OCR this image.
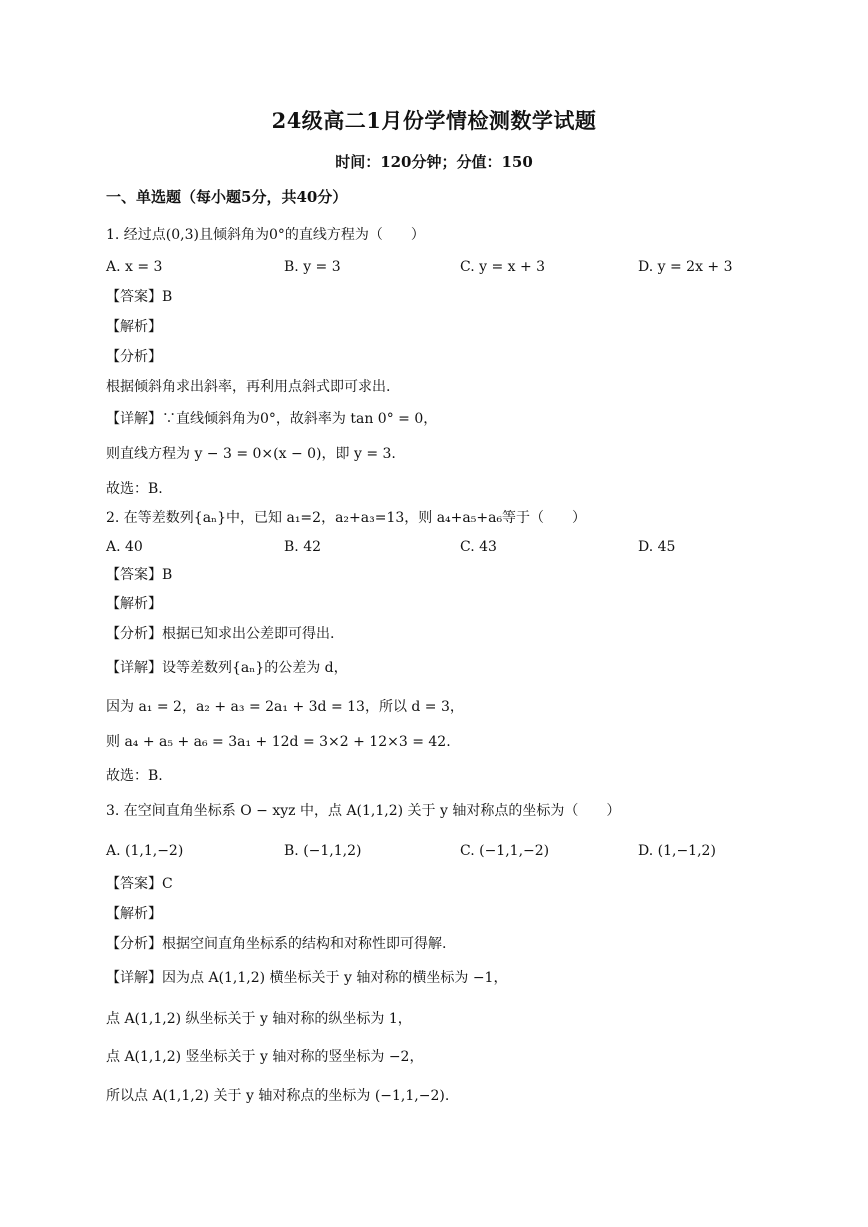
24级高二1月份学情检测数学试题
时间：120分钟；分值：150
一、单选题（每小题5分，共40分）
1. 经过点(0,3)且倾斜角为0°的直线方程为（　　）
A. x = 3	B. y = 3	C. y = x + 3	D. y = 2x + 3
【答案】B
【解析】
【分析】
根据倾斜角求出斜率，再利用点斜式即可求出.
【详解】∵直线倾斜角为0°，故斜率为 tan 0° = 0，
则直线方程为 y − 3 = 0×(x − 0)，即 y = 3.
故选：B.
2. 在等差数列{aₙ}中，已知 a₁=2，a₂+a₃=13，则 a₄+a₅+a₆等于（　　）
A. 40	B. 42	C. 43	D. 45
【答案】B
【解析】
【分析】根据已知求出公差即可得出.
【详解】设等差数列{aₙ}的公差为 d，
因为 a₁ = 2，a₂ + a₃ = 2a₁ + 3d = 13，所以 d = 3，
则 a₄ + a₅ + a₆ = 3a₁ + 12d = 3×2 + 12×3 = 42.
故选：B.
3. 在空间直角坐标系 O − xyz 中，点 A(1,1,2) 关于 y 轴对称点的坐标为（　　）
A. (1,1,−2)	B. (−1,1,2)	C. (−1,1,−2)	D. (1,−1,2)
【答案】C
【解析】
【分析】根据空间直角坐标系的结构和对称性即可得解.
【详解】因为点 A(1,1,2) 横坐标关于 y 轴对称的横坐标为 −1，
点 A(1,1,2) 纵坐标关于 y 轴对称的纵坐标为 1，
点 A(1,1,2) 竖坐标关于 y 轴对称的竖坐标为 −2，
所以点 A(1,1,2) 关于 y 轴对称点的坐标为 (−1,1,−2).
